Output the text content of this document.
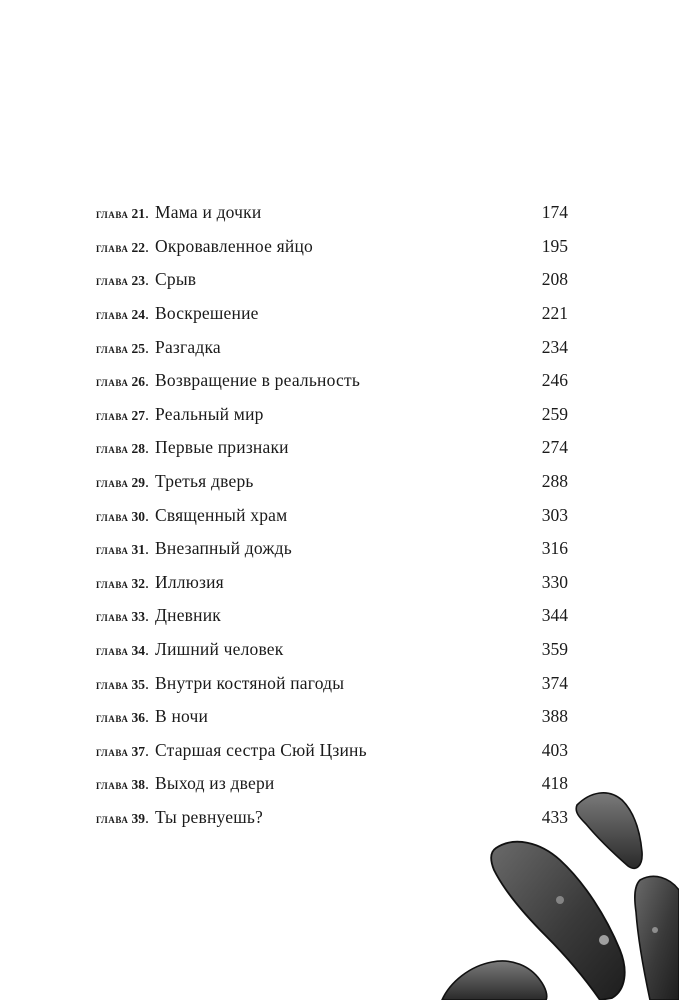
глава 21 . Мама и дочки	174
глава 22 . Окровавленное яйцо	195
глава 23 . Срыв	208
глава 24 . Воскрешение	221
глава 25 . Разгадка	234
глава 26 . Возвращение в реальность	246
глава 27 . Реальный мир	259
глава 28 . Первые признаки	274
глава 29 . Третья дверь	288
глава 30 . Священный храм	303
глава 31 . Внезапный дождь	316
глава 32 . Иллюзия	330
глава 33 . Дневник	344
глава 34 . Лишний человек	359
глава 35 . Внутри костяной пагоды	374
глава 36 . В ночи	388
глава 37 . Старшая сестра Сюй Цзинь	403
глава 38 . Выход из двери	418
глава 39 . Ты ревнуешь?	433
